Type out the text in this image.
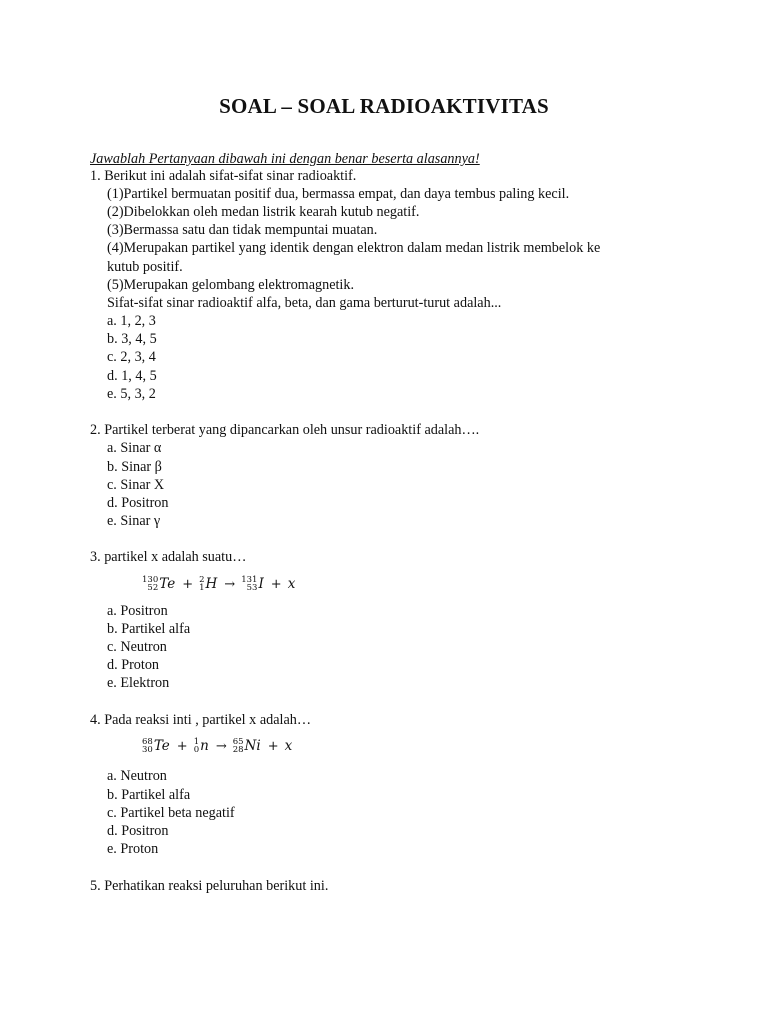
SOAL – SOAL RADIOAKTIVITAS
Jawablah Pertanyaan dibawah ini dengan benar beserta alasannya!
1. Berikut ini adalah sifat-sifat sinar radioaktif.
(1)Partikel bermuatan positif dua, bermassa empat, dan daya tembus paling kecil.
(2)Dibelokkan oleh medan listrik kearah kutub negatif.
(3)Bermassa satu dan tidak mempuntai muatan.
(4)Merupakan partikel yang identik dengan elektron dalam medan listrik membelok ke
kutub positif.
(5)Merupakan gelombang elektromagnetik.
Sifat-sifat sinar radioaktif alfa, beta, dan gama berturut-turut adalah...
a. 1, 2, 3
b. 3, 4, 5
c. 2, 3, 4
d. 1, 4, 5
e. 5, 3, 2
2. Partikel terberat yang dipancarkan oleh unsur radioaktif adalah….
a. Sinar α
b. Sinar β
c. Sinar X
d. Positron
e. Sinar γ
3. partikel x adalah suatu…
130
52 Te + 2
1 H → 131
53 I + x
a. Positron
b. Partikel alfa
c. Neutron
d. Proton
e. Elektron
4. Pada reaksi inti , partikel x adalah…
68
30 Te + 1
0 n → 65
28 Ni + x
a. Neutron
b. Partikel alfa
c. Partikel beta negatif
d. Positron
e. Proton
5. Perhatikan reaksi peluruhan berikut ini.
